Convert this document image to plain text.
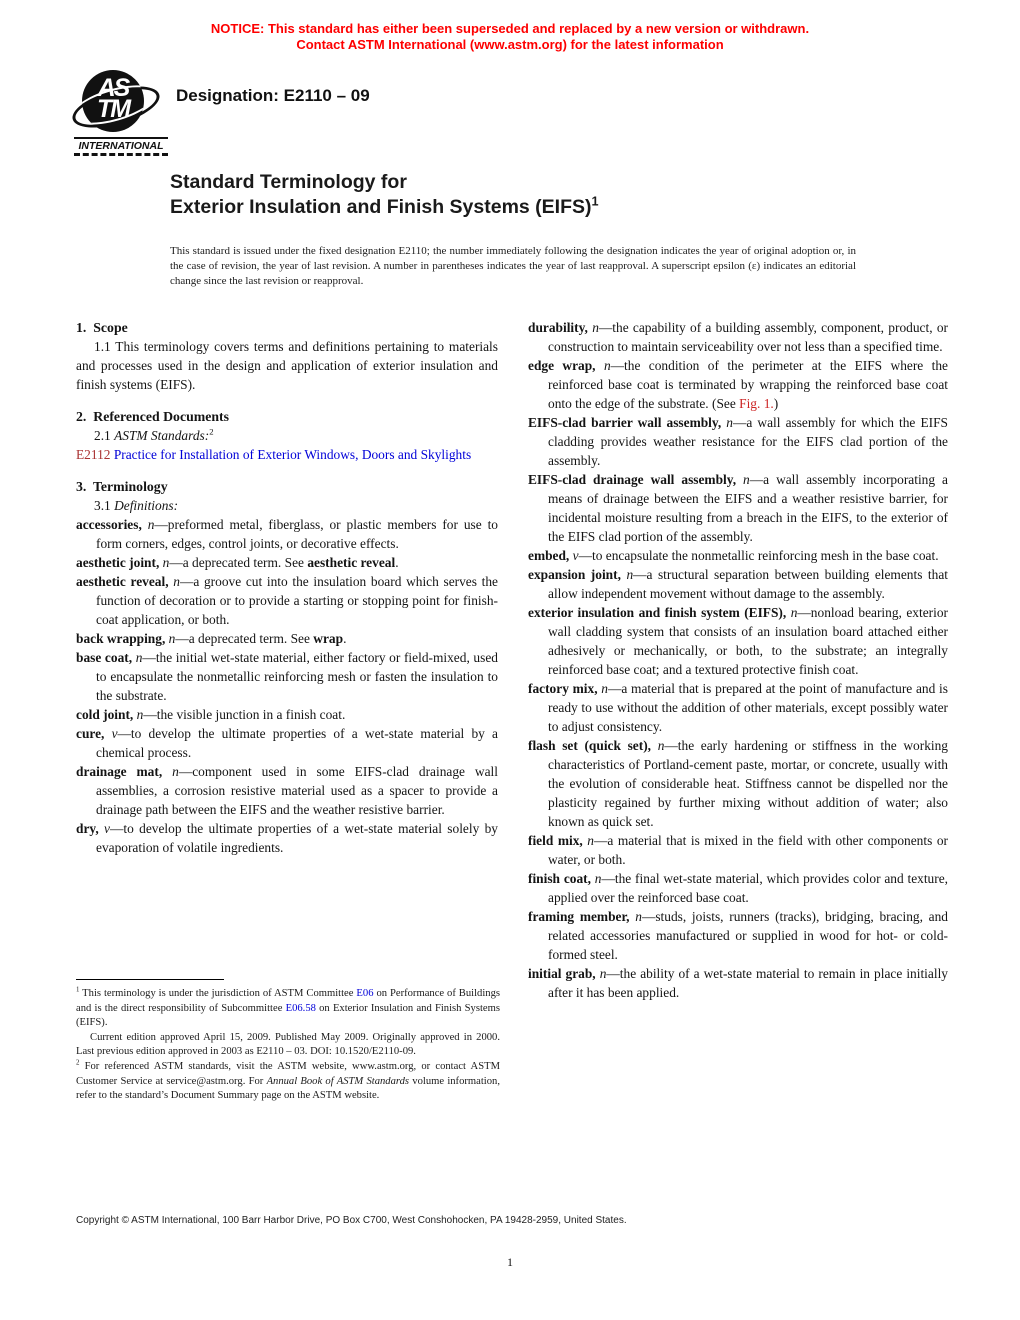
NOTICE: This standard has either been superseded and replaced by a new version or withdrawn.
Contact ASTM International (www.astm.org) for the latest information
AS
TM
INTERNATIONAL
Designation: E2110 – 09
Standard Terminology for
Exterior Insulation and Finish Systems (EIFS)$^1$
This standard is issued under the fixed designation E2110; the number immediately following the designation indicates the year of original adoption or, in the case of revision, the year of last revision. A number in parentheses indicates the year of last reapproval. A superscript epsilon (ε) indicates an editorial change since the last revision or reapproval.

1.  Scope

1.1 This terminology covers terms and definitions pertaining to materials and processes used in the design and application of exterior insulation and finish systems (EIFS).

2.  Referenced Documents

2.1 ASTM Standards:$^2$

E2112 Practice for Installation of Exterior Windows, Doors and Skylights

3.  Terminology

3.1 Definitions:

accessories, n—preformed metal, fiberglass, or plastic members for use to form corners, edges, control joints, or decorative effects.

aesthetic joint, n—a deprecated term. See aesthetic reveal.

aesthetic reveal, n—a groove cut into the insulation board which serves the function of decoration or to provide a starting or stopping point for finish-coat application, or both.

back wrapping, n—a deprecated term. See wrap.

base coat, n—the initial wet-state material, either factory or field-mixed, used to encapsulate the nonmetallic reinforcing mesh or fasten the insulation to the substrate.

cold joint, n—the visible junction in a finish coat.

cure, v—to develop the ultimate properties of a wet-state material by a chemical process.

drainage mat, n—component used in some EIFS-clad drainage wall assemblies, a corrosion resistive material used as a spacer to provide a drainage path between the EIFS and the weather resistive barrier.

dry, v—to develop the ultimate properties of a wet-state material solely by evaporation of volatile ingredients.

durability, n—the capability of a building assembly, component, product, or construction to maintain serviceability over not less than a specified time.

edge wrap, n—the condition of the perimeter at the EIFS where the reinforced base coat is terminated by wrapping the reinforced base coat onto the edge of the substrate. (See Fig. 1.)

EIFS-clad barrier wall assembly, n—a wall assembly for which the EIFS cladding provides weather resistance for the EIFS clad portion of the assembly.

EIFS-clad drainage wall assembly, n—a wall assembly incorporating a means of drainage between the EIFS and a weather resistive barrier, for incidental moisture resulting from a breach in the EIFS, to the exterior of the EIFS clad portion of the assembly.

embed, v—to encapsulate the nonmetallic reinforcing mesh in the base coat.

expansion joint, n—a structural separation between building elements that allow independent movement without damage to the assembly.

exterior insulation and finish system (EIFS), n—nonload bearing, exterior wall cladding system that consists of an insulation board attached either adhesively or mechanically, or both, to the substrate; an integrally reinforced base coat; and a textured protective finish coat.

factory mix, n—a material that is prepared at the point of manufacture and is ready to use without the addition of other materials, except possibly water to adjust consistency.

flash set (quick set), n—the early hardening or stiffness in the working characteristics of Portland-cement paste, mortar, or concrete, usually with the evolution of considerable heat. Stiffness cannot be dispelled nor the plasticity regained by further mixing without addition of water; also known as quick set.

field mix, n—a material that is mixed in the field with other components or water, or both.

finish coat, n—the final wet-state material, which provides color and texture, applied over the reinforced base coat.

framing member, n—studs, joists, runners (tracks), bridging, bracing, and related accessories manufactured or supplied in wood for hot- or cold-formed steel.

initial grab, n—the ability of a wet-state material to remain in place initially after it has been applied.

$^1$ This terminology is under the jurisdiction of ASTM Committee E06 on Performance of Buildings and is the direct responsibility of Subcommittee E06.58 on Exterior Insulation and Finish Systems (EIFS).

Current edition approved April 15, 2009. Published May 2009. Originally approved in 2000. Last previous edition approved in 2003 as E2110 – 03. DOI: 10.1520/E2110-09.

$^2$ For referenced ASTM standards, visit the ASTM website, www.astm.org, or contact ASTM Customer Service at service@astm.org. For Annual Book of ASTM Standards volume information, refer to the standard’s Document Summary page on the ASTM website.

Copyright © ASTM International, 100 Barr Harbor Drive, PO Box C700, West Conshohocken, PA 19428-2959, United States.
1
